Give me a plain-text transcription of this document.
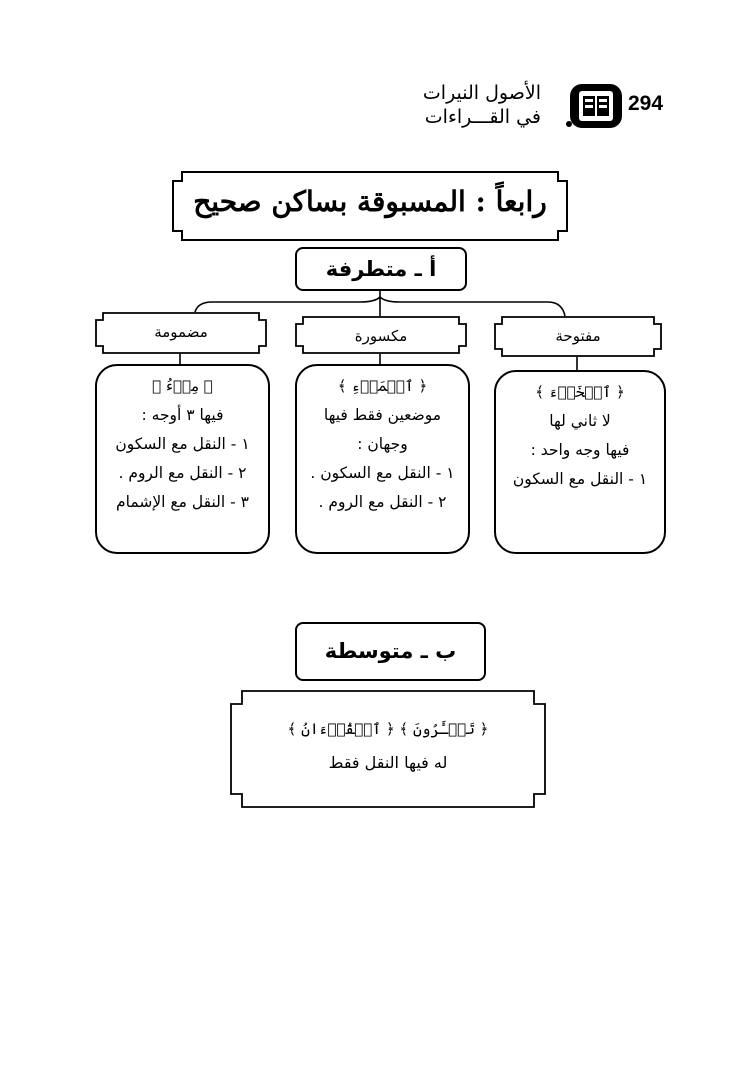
294
الأصول النيرات
في القـــراءات
رابعاً : المسبوقة بساكن صحيح
أ ـ متطرفة
مفتوحة
مكسورة
مضمومة
﴿ ٱلۡخَبۡءَ ﴾
لا ثاني لها
فيها وجه واحد :
١ - النقل مع السكون
﴿ ٱلۡمَرۡءِ ﴾
موضعين فقط فيها
وجهان :
١ - النقل مع السكون .
٢ - النقل مع الروم .
﴿ مِلۡءُ ﴾
فيها ٣ أوجه :
١ - النقل مع السكون
٢ - النقل مع الروم .
٣ - النقل مع الإشمام
ب ـ متوسطة
﴿ تَجۡـَٔرُونَ ﴾ ﴿ ٱلۡقُرۡءَانُ ﴾
له فيها النقل فقط
